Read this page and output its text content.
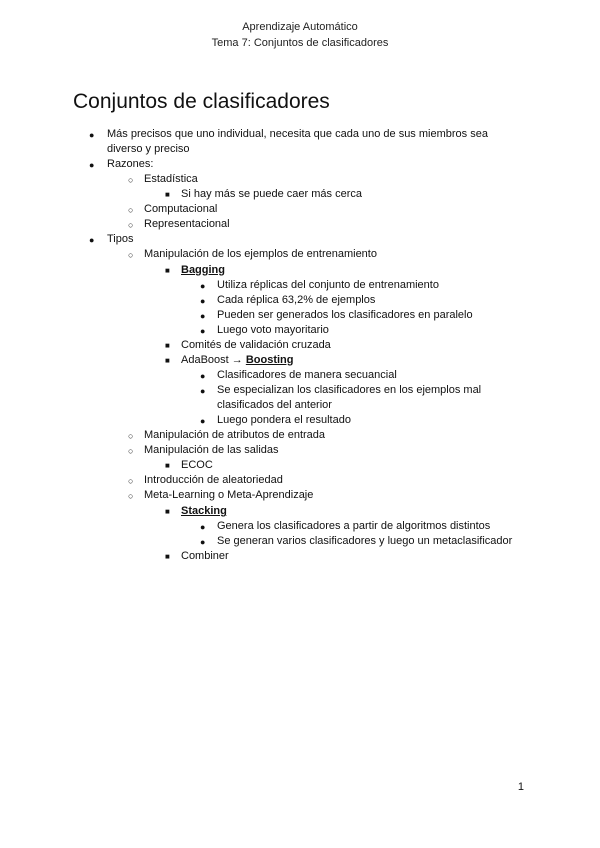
Aprendizaje Automático
Tema 7: Conjuntos de clasificadores
Conjuntos de clasificadores
● Más precisos que uno individual, necesita que cada uno de sus miembros sea
diverso y preciso
● Razones:
○ Estadística
■ Si hay más se puede caer más cerca
○ Computacional
○ Representacional
● Tipos
○ Manipulación de los ejemplos de entrenamiento
■ Bagging
● Utiliza réplicas del conjunto de entrenamiento
● Cada réplica 63,2% de ejemplos
● Pueden ser generados los clasificadores en paralelo
● Luego voto mayoritario
■ Comités de validación cruzada
■ AdaBoost → Boosting
● Clasificadores de manera secuancial
● Se especializan los clasificadores en los ejemplos mal
clasificados del anterior
● Luego pondera el resultado
○ Manipulación de atributos de entrada
○ Manipulación de las salidas
■ ECOC
○ Introducción de aleatoriedad
○ Meta-Learning o Meta-Aprendizaje
■ Stacking
● Genera los clasificadores a partir de algoritmos distintos
● Se generan varios clasificadores y luego un metaclasificador
■ Combiner
1
